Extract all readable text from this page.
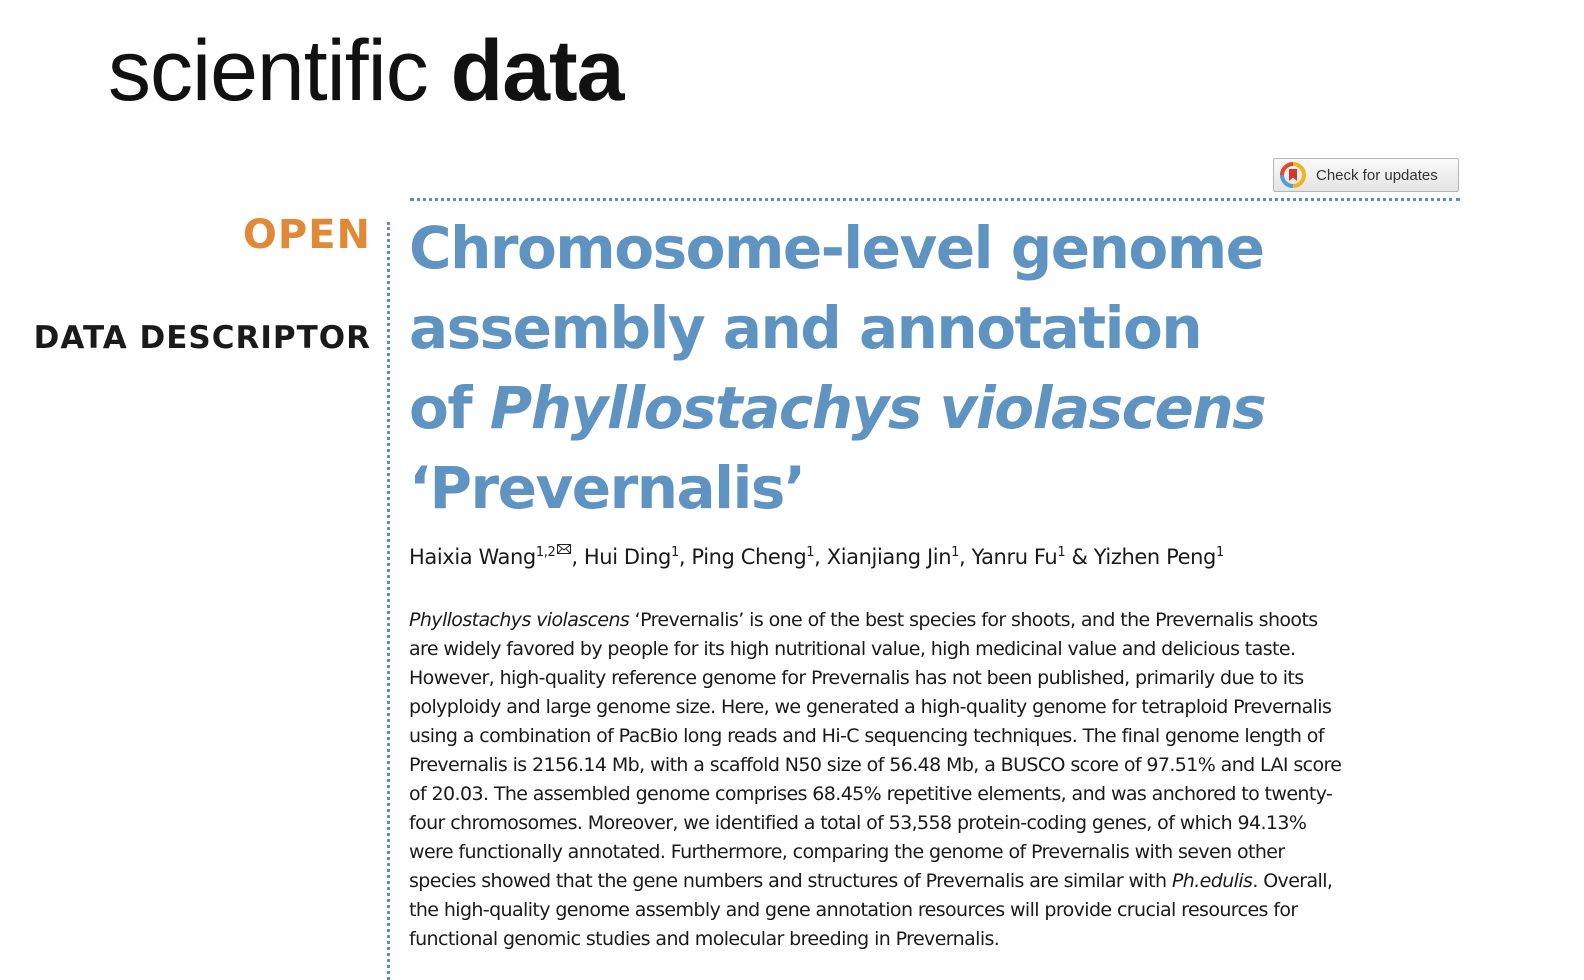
scientific data
Check for updates
OPEN
DATA DESCRIPTOR
Chromosome-level genome
assembly and annotation
of Phyllostachys violascens
‘Prevernalis’
Haixia Wang$^{1,2}$ , Hui Ding$^1$, Ping Cheng$^1$, Xianjiang Jin$^1$, Yanru Fu$^1$ & Yizhen Peng$^1$
Phyllostachys violascens ‘Prevernalis’ is one of the best species for shoots, and the Prevernalis shoots
are widely favored by people for its high nutritional value, high medicinal value and delicious taste.
However, high-quality reference genome for Prevernalis has not been published, primarily due to its
polyploidy and large genome size. Here, we generated a high-quality genome for tetraploid Prevernalis
using a combination of PacBio long reads and Hi-C sequencing techniques. The final genome length of
Prevernalis is 2156.14 Mb, with a scaffold N50 size of 56.48 Mb, a BUSCO score of 97.51% and LAI score
of 20.03. The assembled genome comprises 68.45% repetitive elements, and was anchored to twenty-
four chromosomes. Moreover, we identified a total of 53,558 protein-coding genes, of which 94.13%
were functionally annotated. Furthermore, comparing the genome of Prevernalis with seven other
species showed that the gene numbers and structures of Prevernalis are similar with Ph.edulis. Overall,
the high-quality genome assembly and gene annotation resources will provide crucial resources for
functional genomic studies and molecular breeding in Prevernalis.
